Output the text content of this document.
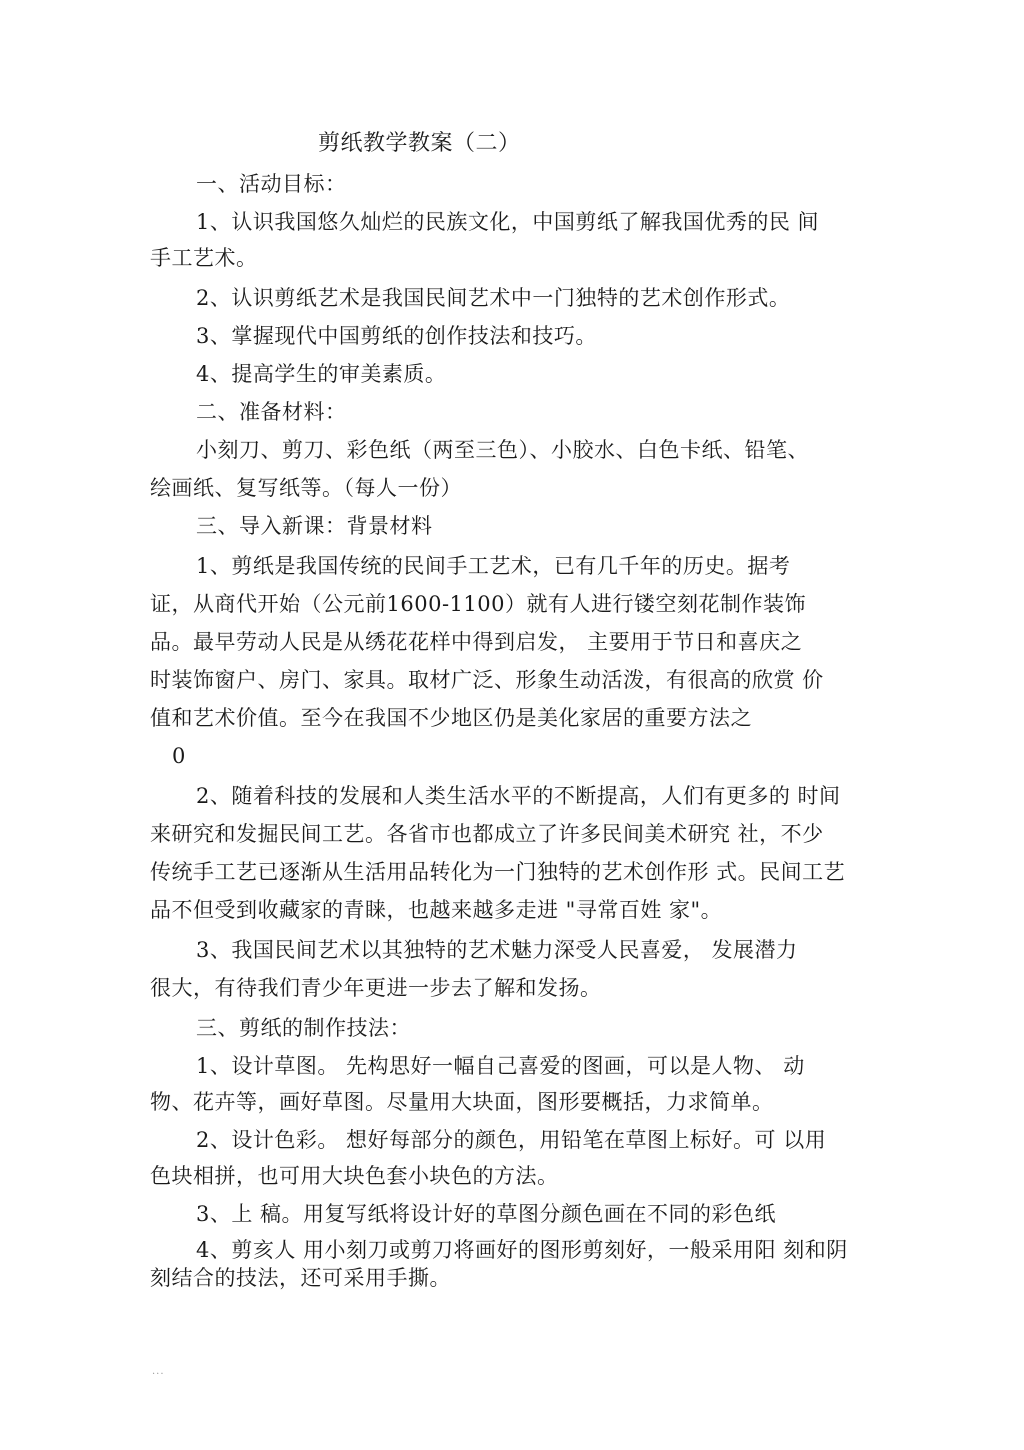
剪纸教学教案（二）
一、活动目标：
1、认识我国悠久灿烂的民族文化，中国剪纸了解我国优秀的民 间
手工艺术。
2、认识剪纸艺术是我国民间艺术中一门独特的艺术创作形式。
3、掌握现代中国剪纸的创作技法和技巧。
4、提高学生的审美素质。
二、准备材料：
小刻刀、剪刀、彩色纸（两至三色）、小胶水、白色卡纸、铅笔、
绘画纸、复写纸等。（每人一份）
三、导入新课：背景材料
1、剪纸是我国传统的民间手工艺术，已有几千年的历史。据考
证，从商代开始（公元前1600-1100）就有人进行镂空刻花制作装饰
品。最早劳动人民是从绣花花样中得到启发， 主要用于节日和喜庆之
时装饰窗户、房门、家具。取材广泛、形象生动活泼，有很高的欣赏 价
值和艺术价值。至今在我国不少地区仍是美化家居的重要方法之
0
2、随着科技的发展和人类生活水平的不断提高，人们有更多的 时间
来研究和发掘民间工艺。各省市也都成立了许多民间美术研究 社，不少
传统手工艺已逐渐从生活用品转化为一门独特的艺术创作形 式。民间工艺
品不但受到收藏家的青睐，也越来越多走进 "寻常百姓 家"。
3、我国民间艺术以其独特的艺术魅力深受人民喜爱， 发展潜力
很大，有待我们青少年更进一步去了解和发扬。
三、剪纸的制作技法：
1、设计草图。 先构思好一幅自己喜爱的图画，可以是人物、 动
物、花卉等，画好草图。尽量用大块面，图形要概括，力求简单。
2、设计色彩。 想好每部分的颜色，用铅笔在草图上标好。可 以用
色块相拼，也可用大块色套小块色的方法。
3、上 稿。用复写纸将设计好的草图分颜色画在不同的彩色纸
4、剪亥人 用小刻刀或剪刀将画好的图形剪刻好，一般采用阳 刻和阴
刻结合的技法，还可采用手撕。
...
